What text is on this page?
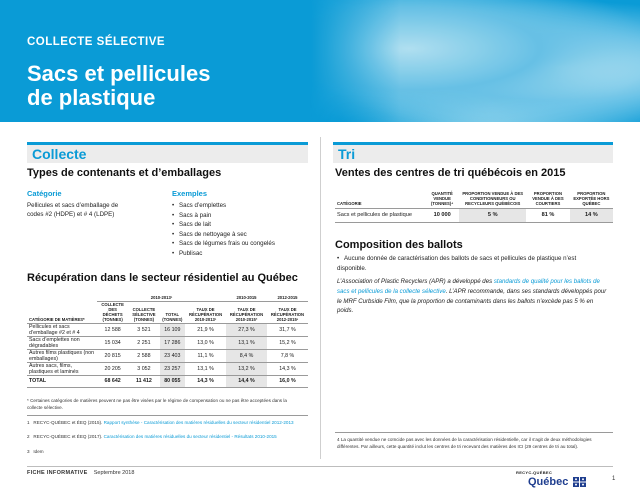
COLLECTE SÉLECTIVE
Sacs et pellicules
de plastique
Collecte
Types de contenants et d’emballages
Catégorie
Pellicules et sacs d’emballage de
codes #2 (HDPE) et # 4 (LDPE)
Exemples
• Sacs d’emplettes
• Sacs à pain
• Sacs de lait
• Sacs de nettoyage à sec
• Sacs de légumes frais ou congelés
• Publisac
Récupération dans le secteur résidentiel au Québec
	2010-2013¹				2010-2015	2012-2015
CATÉGORIE DE MATIÈRES*	COLLECTE DES DÉCHETS (TONNES)	COLLECTE SÉLECTIVE (TONNES)	TOTAL (TONNES)	TAUX DE RÉCUPÉRATION 2010-2013¹	TAUX DE RÉCUPÉRATION 2010-2015²	TAUX DE RÉCUPÉRATION 2012-2015³
Pellicules et sacs d’emballage #2 et # 4	12 588	3 521	16 109	21,9 %	27,3 %	31,7 %
Sacs d’emplettes non dégradables	15 034	2 251	17 286	13,0 %	13,1 %	15,2 %
Autres films plastiques (non emballages)	20 815	2 588	23 403	11,1 %	8,4 %	7,8 %
Autres sacs, films, plastiques et laminés	20 205	3 052	23 257	13,1 %	13,2 %	14,3 %
TOTAL	68 642	11 412	80 055	14,3 %	14,4 %	16,0 %
* Certaines catégories de matières peuvent ne pas être visées par le régime de compensation ou ne pas être acceptées dans la collecte sélective.
1 RECYC-QUÉBEC et ÉEQ (2015). Rapport synthèse - Caractérisation des matières résiduelles du secteur résidentiel 2012-2013
2 RECYC-QUÉBEC et ÉEQ (2017). Caractérisation des matières résiduelles du secteur résidentiel - Résultats 2010-2015
3 Idem
Tri
Ventes des centres de tri québécois en 2015
CATÉGORIE	QUANTITÉ VENDUE (TONNES)⁴	PROPORTION VENDUE À DES CONDITIONNEURS OU RECYCLEURS QUÉBÉCOIS	PROPORTION VENDUE À DES COURTIERS	PROPORTION EXPORTÉE HORS QUÉBEC
Sacs et pellicules de plastique	10 000	5 %	81 %	14 %
Composition des ballots
• Aucune donnée de caractérisation des ballots de sacs et pellicules de plastique n’est disponible.
L’Association of Plastic Recyclers (APR) a développé des standards de qualité pour les ballots de sacs et pellicules de la collecte sélective. L’APR recommande, dans ses standards développés pour le MRF Curbside Film, que la proportion de contaminants dans les ballots n’excède pas 5 % en poids.
4 La quantité vendue ne coïncide pas avec les données de la caractérisation résidentielle, car il s’agit de deux méthodologies différentes. Par ailleurs, cette quantité inclut les centres de tri recevant des matières des ICI (29 centres de tri au total).
FICHE INFORMATIVE Septembre 2018	RECYC-QUÉBEC
Québec	1
